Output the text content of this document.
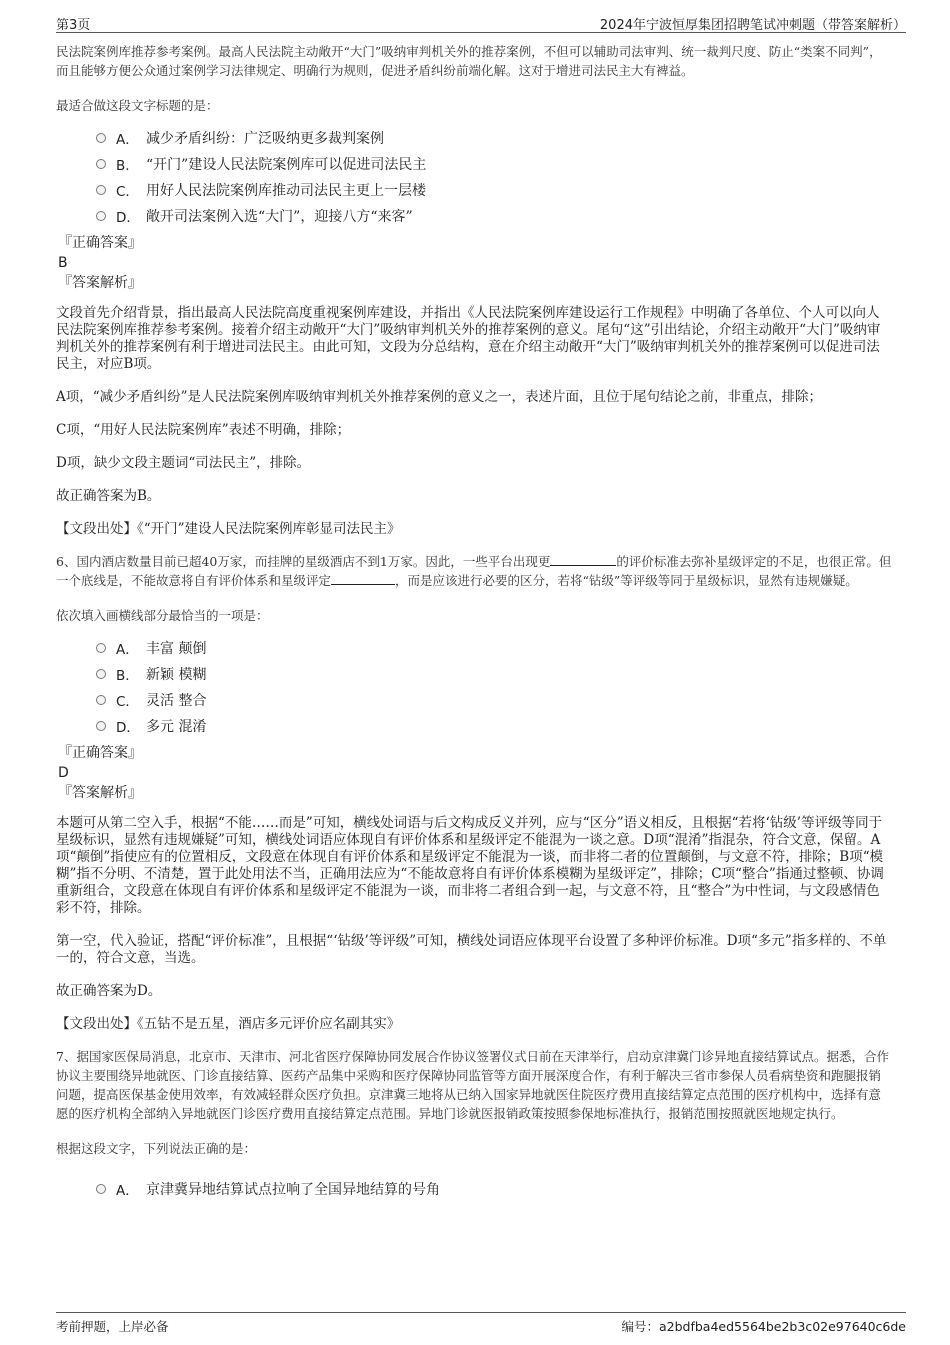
第3页	2024年宁波恒厚集团招聘笔试冲刺题（带答案解析）

民法院案例库推荐参考案例。最高人民法院主动敞开“大门”吸纳审判机关外的推荐案例，不但可以辅助司法审判、统一裁判尺度、防止“类案不同判”，而且能够方便公众通过案例学习法律规定、明确行为规则，促进矛盾纠纷前端化解。这对于增进司法民主大有裨益。

最适合做这段文字标题的是：

A． 减少矛盾纠纷：广泛吸纳更多裁判案例
B． “开门”建设人民法院案例库可以促进司法民主
C． 用好人民法院案例库推动司法民主更上一层楼
D． 敞开司法案例入选“大门”，迎接八方“来客”

『正确答案』

B

『答案解析』

文段首先介绍背景，指出最高人民法院高度重视案例库建设，并指出《人民法院案例库建设运行工作规程》中明确了各单位、个人可以向人民法院案例库推荐参考案例。接着介绍主动敞开“大门”吸纳审判机关外的推荐案例的意义。尾句“这”引出结论，介绍主动敞开“大门”吸纳审判机关外的推荐案例有利于增进司法民主。由此可知，文段为分总结构，意在介绍主动敞开“大门”吸纳审判机关外的推荐案例可以促进司法民主，对应B项。

A项，“减少矛盾纠纷”是人民法院案例库吸纳审判机关外推荐案例的意义之一，表述片面，且位于尾句结论之前，非重点，排除；

C项，“用好人民法院案例库”表述不明确，排除；

D项，缺少文段主题词“司法民主”，排除。

故正确答案为B。

【文段出处】《“开门”建设人民法院案例库彰显司法民主》

6、国内酒店数量目前已超40万家，而挂牌的星级酒店不到1万家。因此，一些平台出现更	的评价标准去弥补星级评定的不足，也很正常。但一个底线是，不能故意将自有评价体系和星级评定	，而是应该进行必要的区分，若将“钻级”等评级等同于星级标识，显然有违规嫌疑。

依次填入画横线部分最恰当的一项是：

A． 丰富 颠倒
B． 新颖 模糊
C． 灵活 整合
D． 多元 混淆

『正确答案』

D

『答案解析』

本题可从第二空入手，根据“不能……而是”可知，横线处词语与后文构成反义并列，应与“区分”语义相反，且根据“若将‘钻级’等评级等同于星级标识，显然有违规嫌疑”可知，横线处词语应体现自有评价体系和星级评定不能混为一谈之意。D项“混淆”指混杂，符合文意，保留。A项“颠倒”指使应有的位置相反，文段意在体现自有评价体系和星级评定不能混为一谈，而非将二者的位置颠倒，与文意不符，排除；B项“模糊”指不分明、不清楚，置于此处用法不当，正确用法应为“不能故意将自有评价体系模糊为星级评定”，排除；C项“整合”指通过整顿、协调重新组合，文段意在体现自有评价体系和星级评定不能混为一谈，而非将二者组合到一起，与文意不符，且“整合”为中性词，与文段感情色彩不符，排除。

第一空，代入验证，搭配“评价标准”，且根据“‘钻级’等评级”可知，横线处词语应体现平台设置了多种评价标准。D项“多元”指多样的、不单一的，符合文意，当选。

故正确答案为D。

【文段出处】《五钻不是五星，酒店多元评价应名副其实》

7、据国家医保局消息，北京市、天津市、河北省医疗保障协同发展合作协议签署仪式日前在天津举行，启动京津冀门诊异地直接结算试点。据悉，合作协议主要围绕异地就医、门诊直接结算、医药产品集中采购和医疗保障协同监管等方面开展深度合作，有利于解决三省市参保人员看病垫资和跑腿报销问题，提高医保基金使用效率，有效减轻群众医疗负担。京津冀三地将从已纳入国家异地就医住院医疗费用直接结算定点范围的医疗机构中，选择有意愿的医疗机构全部纳入异地就医门诊医疗费用直接结算定点范围。异地门诊就医报销政策按照参保地标准执行，报销范围按照就医地规定执行。

根据这段文字，下列说法正确的是：

A． 京津冀异地结算试点拉响了全国异地结算的号角
考前押题，上岸必备	编号：a2bdfba4ed5564be2b3c02e97640c6de
